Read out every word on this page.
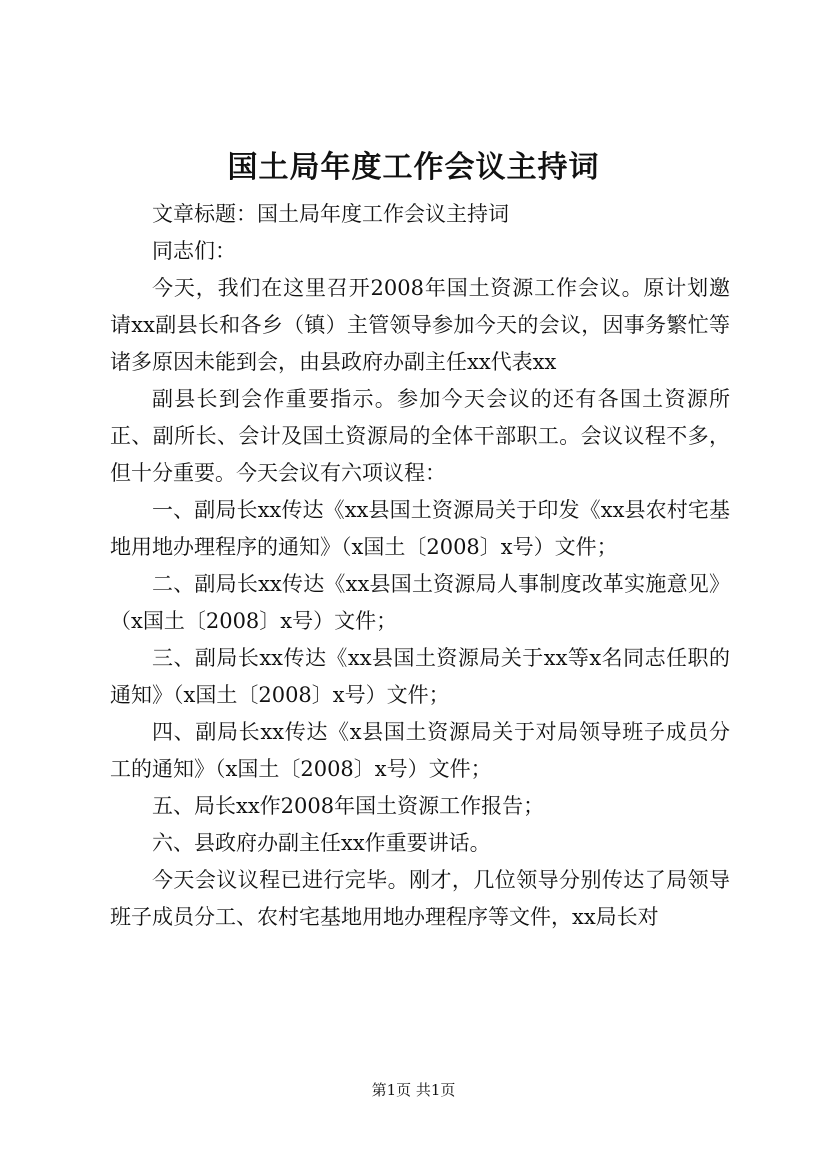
国土局年度工作会议主持词

文章标题：国土局年度工作会议主持词

同志们：

今天，我们在这里召开2008年国土资源工作会议。原计划邀请xx副县长和各乡（镇）主管领导参加今天的会议，因事务繁忙等诸多原因未能到会，由县政府办副主任xx代表xx

副县长到会作重要指示。参加今天会议的还有各国土资源所正、副所长、会计及国土资源局的全体干部职工。会议议程不多，但十分重要。今天会议有六项议程：

一、副局长xx传达《xx县国土资源局关于印发《xx县农村宅基地用地办理程序的通知》（x国土〔2008〕x号）文件；

二、副局长xx传达《xx县国土资源局人事制度改革实施意见》（x国土〔2008〕x号）文件；

三、副局长xx传达《xx县国土资源局关于xx等x名同志任职的通知》（x国土〔2008〕x号）文件；

四、副局长xx传达《x县国土资源局关于对局领导班子成员分工的通知》（x国土〔2008〕x号）文件；

五、局长xx作2008年国土资源工作报告；

六、县政府办副主任xx作重要讲话。

今天会议议程已进行完毕。刚才，几位领导分别传达了局领导班子成员分工、农村宅基地用地办理程序等文件，xx局长对

第1页 共1页
